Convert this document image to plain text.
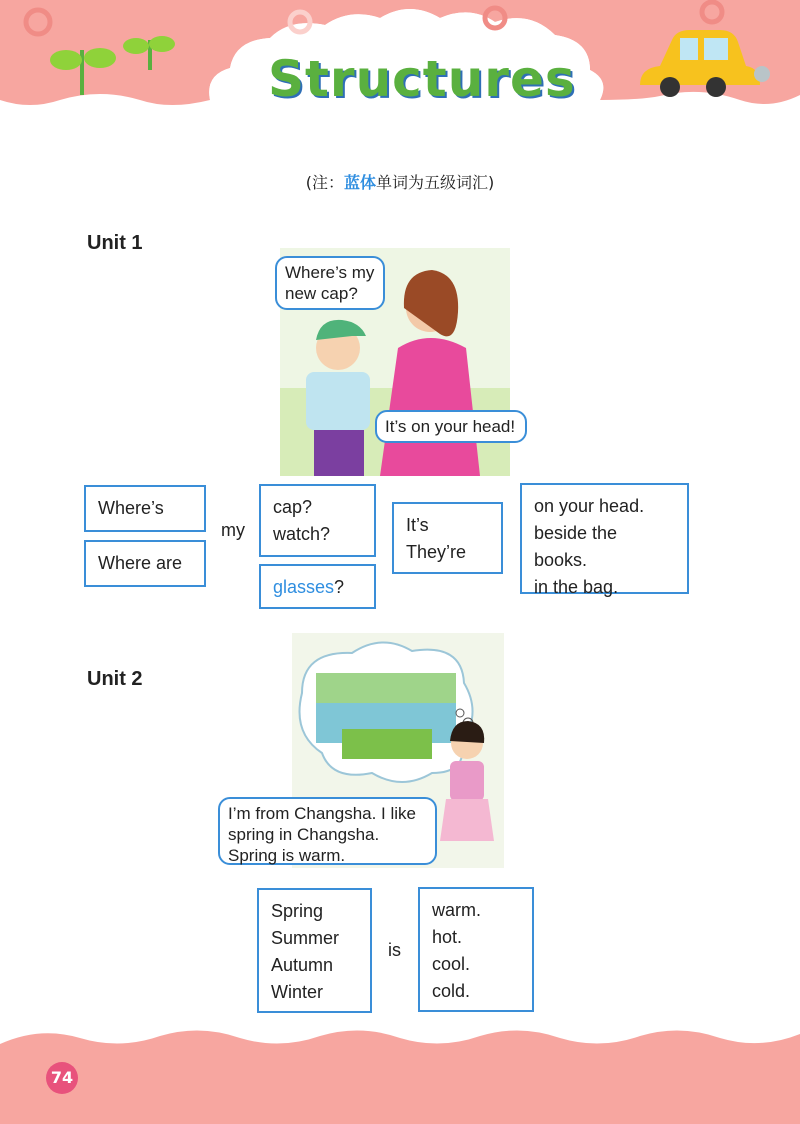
Structures
(注：蓝体单词为五级词汇)
Unit 1
Where’s my new cap?
It’s on your head!
Where’s
Where are
my
cap?
watch?
glasses?
It’s
They’re
on your head.
beside the books.
in the bag.
Unit 2
I’m from Changsha. I like spring in Changsha. Spring is warm.
Spring
Summer
Autumn
Winter
is
warm.
hot.
cool.
cold.
74
